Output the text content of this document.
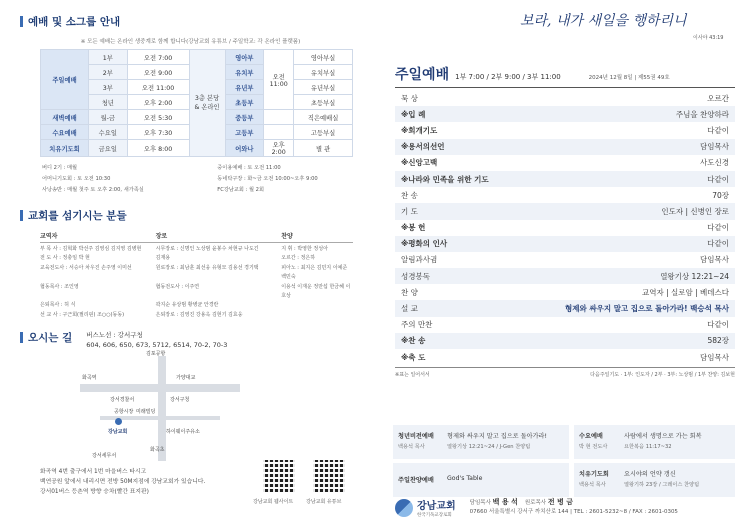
예배 및 소그룹 안내
※ 모든 예배는 온라인 생중계로 함께 합니다(강남교회 유튜브 / 주일학교: 각 온라인 플랫폼)
주일예배	1부	오전 7:00	3층 본당 & 온라인	영아부	오전 11:00	영아부실
	2부	오전 9:00		유치부		유치부실
	3부	오전 11:00		유년부		유년부실
	청년	오후 2:00		초등부		초등부실
새벽예배	월-금	오전 5:30		중등부		직은예배실
수요예배	수요일	오후 7:30		고등부		고등부실
치유기도회	금요일	오후 8:00		어와나	오후 2:00	별 관
버디 2기 : 매월
어머니기도회 : 토 오전 10:30
사낭송반 : 매월 첫주 토 오후 2:00, 새가족실
중이용예배 : 토 오전 11:00
동네탁구장 : 화~금 오전 10:00~오후 9:00
FC강남교회 : 월 2회
교회를 섬기시는 분들
교역자	장로	찬양
부 목 사 : 김혁화 박선주 김영심 김지영 김병현	시무장로 : 신명인 노상범 윤봉수 차현규 나도긴	지 휘 : 박영한 정성아
전 도 사 : 정충임 박 현	김재용	오르간 : 정은하
교육전도사 : 서승아 차우진 손주영 이미선	원로장로 : 최남훈 최선웅 유형모 김용선 경기택	피아노 : 최지은 김민지 이예준 백민숙
협동목사 : 조인영	협동전도사 : 이주연	이용석 이재운 정만섭 한금혜 이호상
은퇴목사 : 허 식	곽지순 유상범 황병균 안경란
선 교 사 : 구근회(필리핀) 조○○(동동)	은퇴장로 : 김영진 강용옥 김현기 김효웅
오시는 길 버스노선 : 강서구청
604, 606, 650, 673, 5712, 6514, 70-2, 70-3
김포공항
화곡역
강서경찰서
가양대교
강서구청
공항시장
강남교회	하이웨이주유소
강서세무서
미래빌딩
화곡초
화곡역 4번 출구에서 1번 마을버스 타시고
백연공원 앞에서 내리시면 전방 50M지점에 강남교회가 있습니다.
강서01버스 등촌역 방향 승차(빨간 표지판)
강남교회 웹사이트	강남교회 유튜브
보라, 내가 새일을 행하리니
이사야 43:19
주일예배 1부 7:00 / 2부 9:00 / 3부 11:00	2024년 12월 8일 | 제55권 49호
묵 상	오르간
※입 례	주님을 찬양하라
※회개기도	다같이
※용서의선언	담임목사
※신앙고백	사도신경
※나라와 민족을 위한 기도	다같이
찬 송	70장
기 도	인도자 | 신병인 장로
※봉 헌	다같이
※평화의 인사	다같이
알림과사귐	담임목사
성경봉독	열왕기상 12:21~24
찬 양	교역자 | 실로암 | 베데스다
설 교	형제와 싸우지 말고 집으로 돌아가라! 백승석 목사
주의 만찬	다같이
※찬 송	582장
※축 도	담임목사
※표는 일어서서	다음주일기도 · 1부: 인도자 / 2부 · 3부: 노상범 / 1부 찬양: 김보현
청년비전예배
백용석 목사
형제와 싸우지 말고 집으로 돌아가라!
열왕기상 12:21~24 / J-Gen 찬양팀
수요예배
박 현 전도사
사람에서 생명으로 가는 회복
요한복음 11:17~32
주일찬양예배 God's Table
치유기도회
백용석 목사
요시야의 언약 갱신
열왕기하 23장 / 그레이스 찬양팀
강남교회
한국기독교장로회
담임목사 백 용 석 원로목사 전 병 금
07660 서울특별시 강서구 까치산로 144 | TEL : 2601-5232~8 / FAX : 2601-0305
